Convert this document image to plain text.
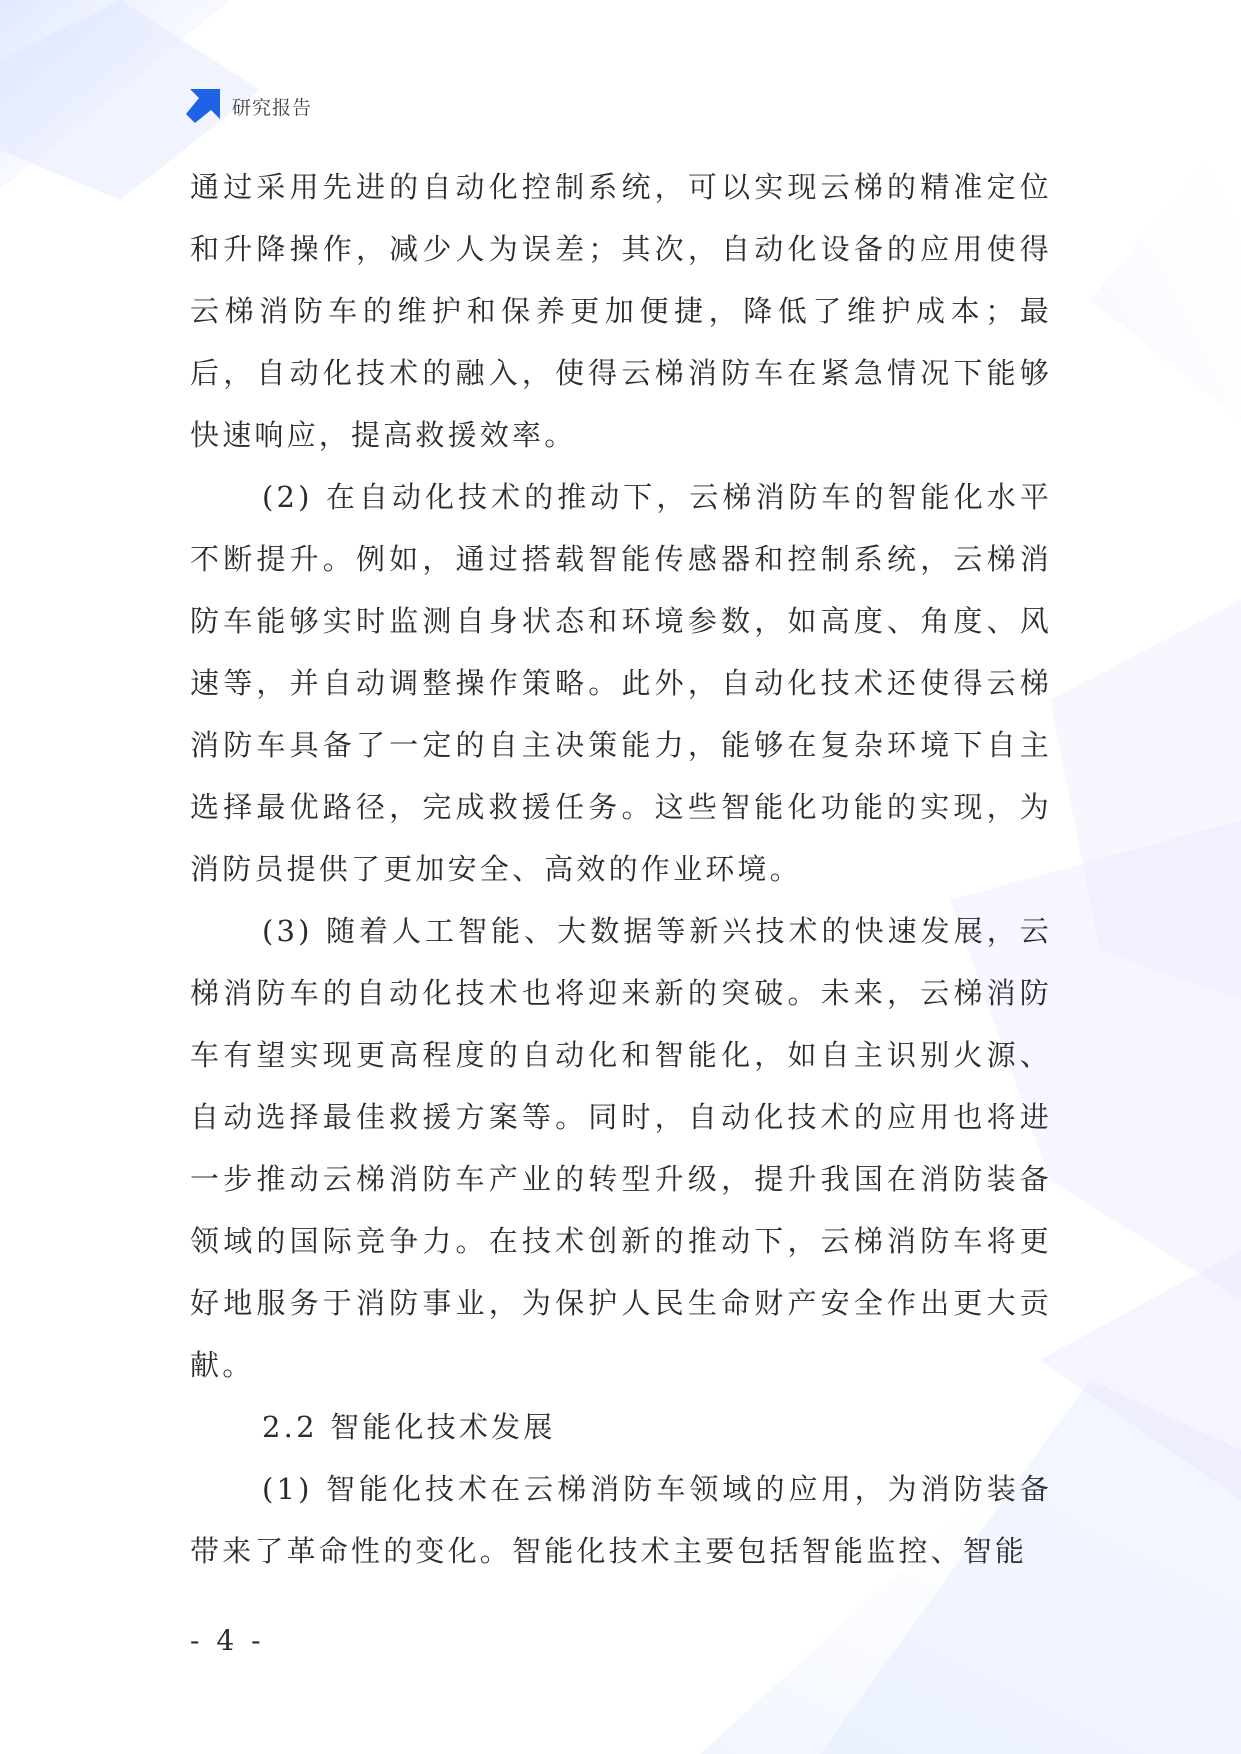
研究报告

通过采用先进的自动化控制系统，可以实现云梯的精准定位和升降操作，减少人为误差；其次，自动化设备的应用使得云梯消防车的维护和保养更加便捷，降低了维护成本；最后，自动化技术的融入，使得云梯消防车在紧急情况下能够快速响应，提高救援效率。

(2) 在自动化技术的推动下，云梯消防车的智能化水平不断提升。例如，通过搭载智能传感器和控制系统，云梯消防车能够实时监测自身状态和环境参数，如高度、角度、风速等，并自动调整操作策略。此外，自动化技术还使得云梯消防车具备了一定的自主决策能力，能够在复杂环境下自主选择最优路径，完成救援任务。这些智能化功能的实现，为消防员提供了更加安全、高效的作业环境。

(3) 随着人工智能、大数据等新兴技术的快速发展，云梯消防车的自动化技术也将迎来新的突破。未来，云梯消防车有望实现更高程度的自动化和智能化，如自主识别火源、自动选择最佳救援方案等。同时，自动化技术的应用也将进一步推动云梯消防车产业的转型升级，提升我国在消防装备领域的国际竞争力。在技术创新的推动下，云梯消防车将更好地服务于消防事业，为保护人民生命财产安全作出更大贡献。

2.2 智能化技术发展

(1) 智能化技术在云梯消防车领域的应用，为消防装备带来了革命性的变化。智能化技术主要包括智能监控、智能

- 4 -
